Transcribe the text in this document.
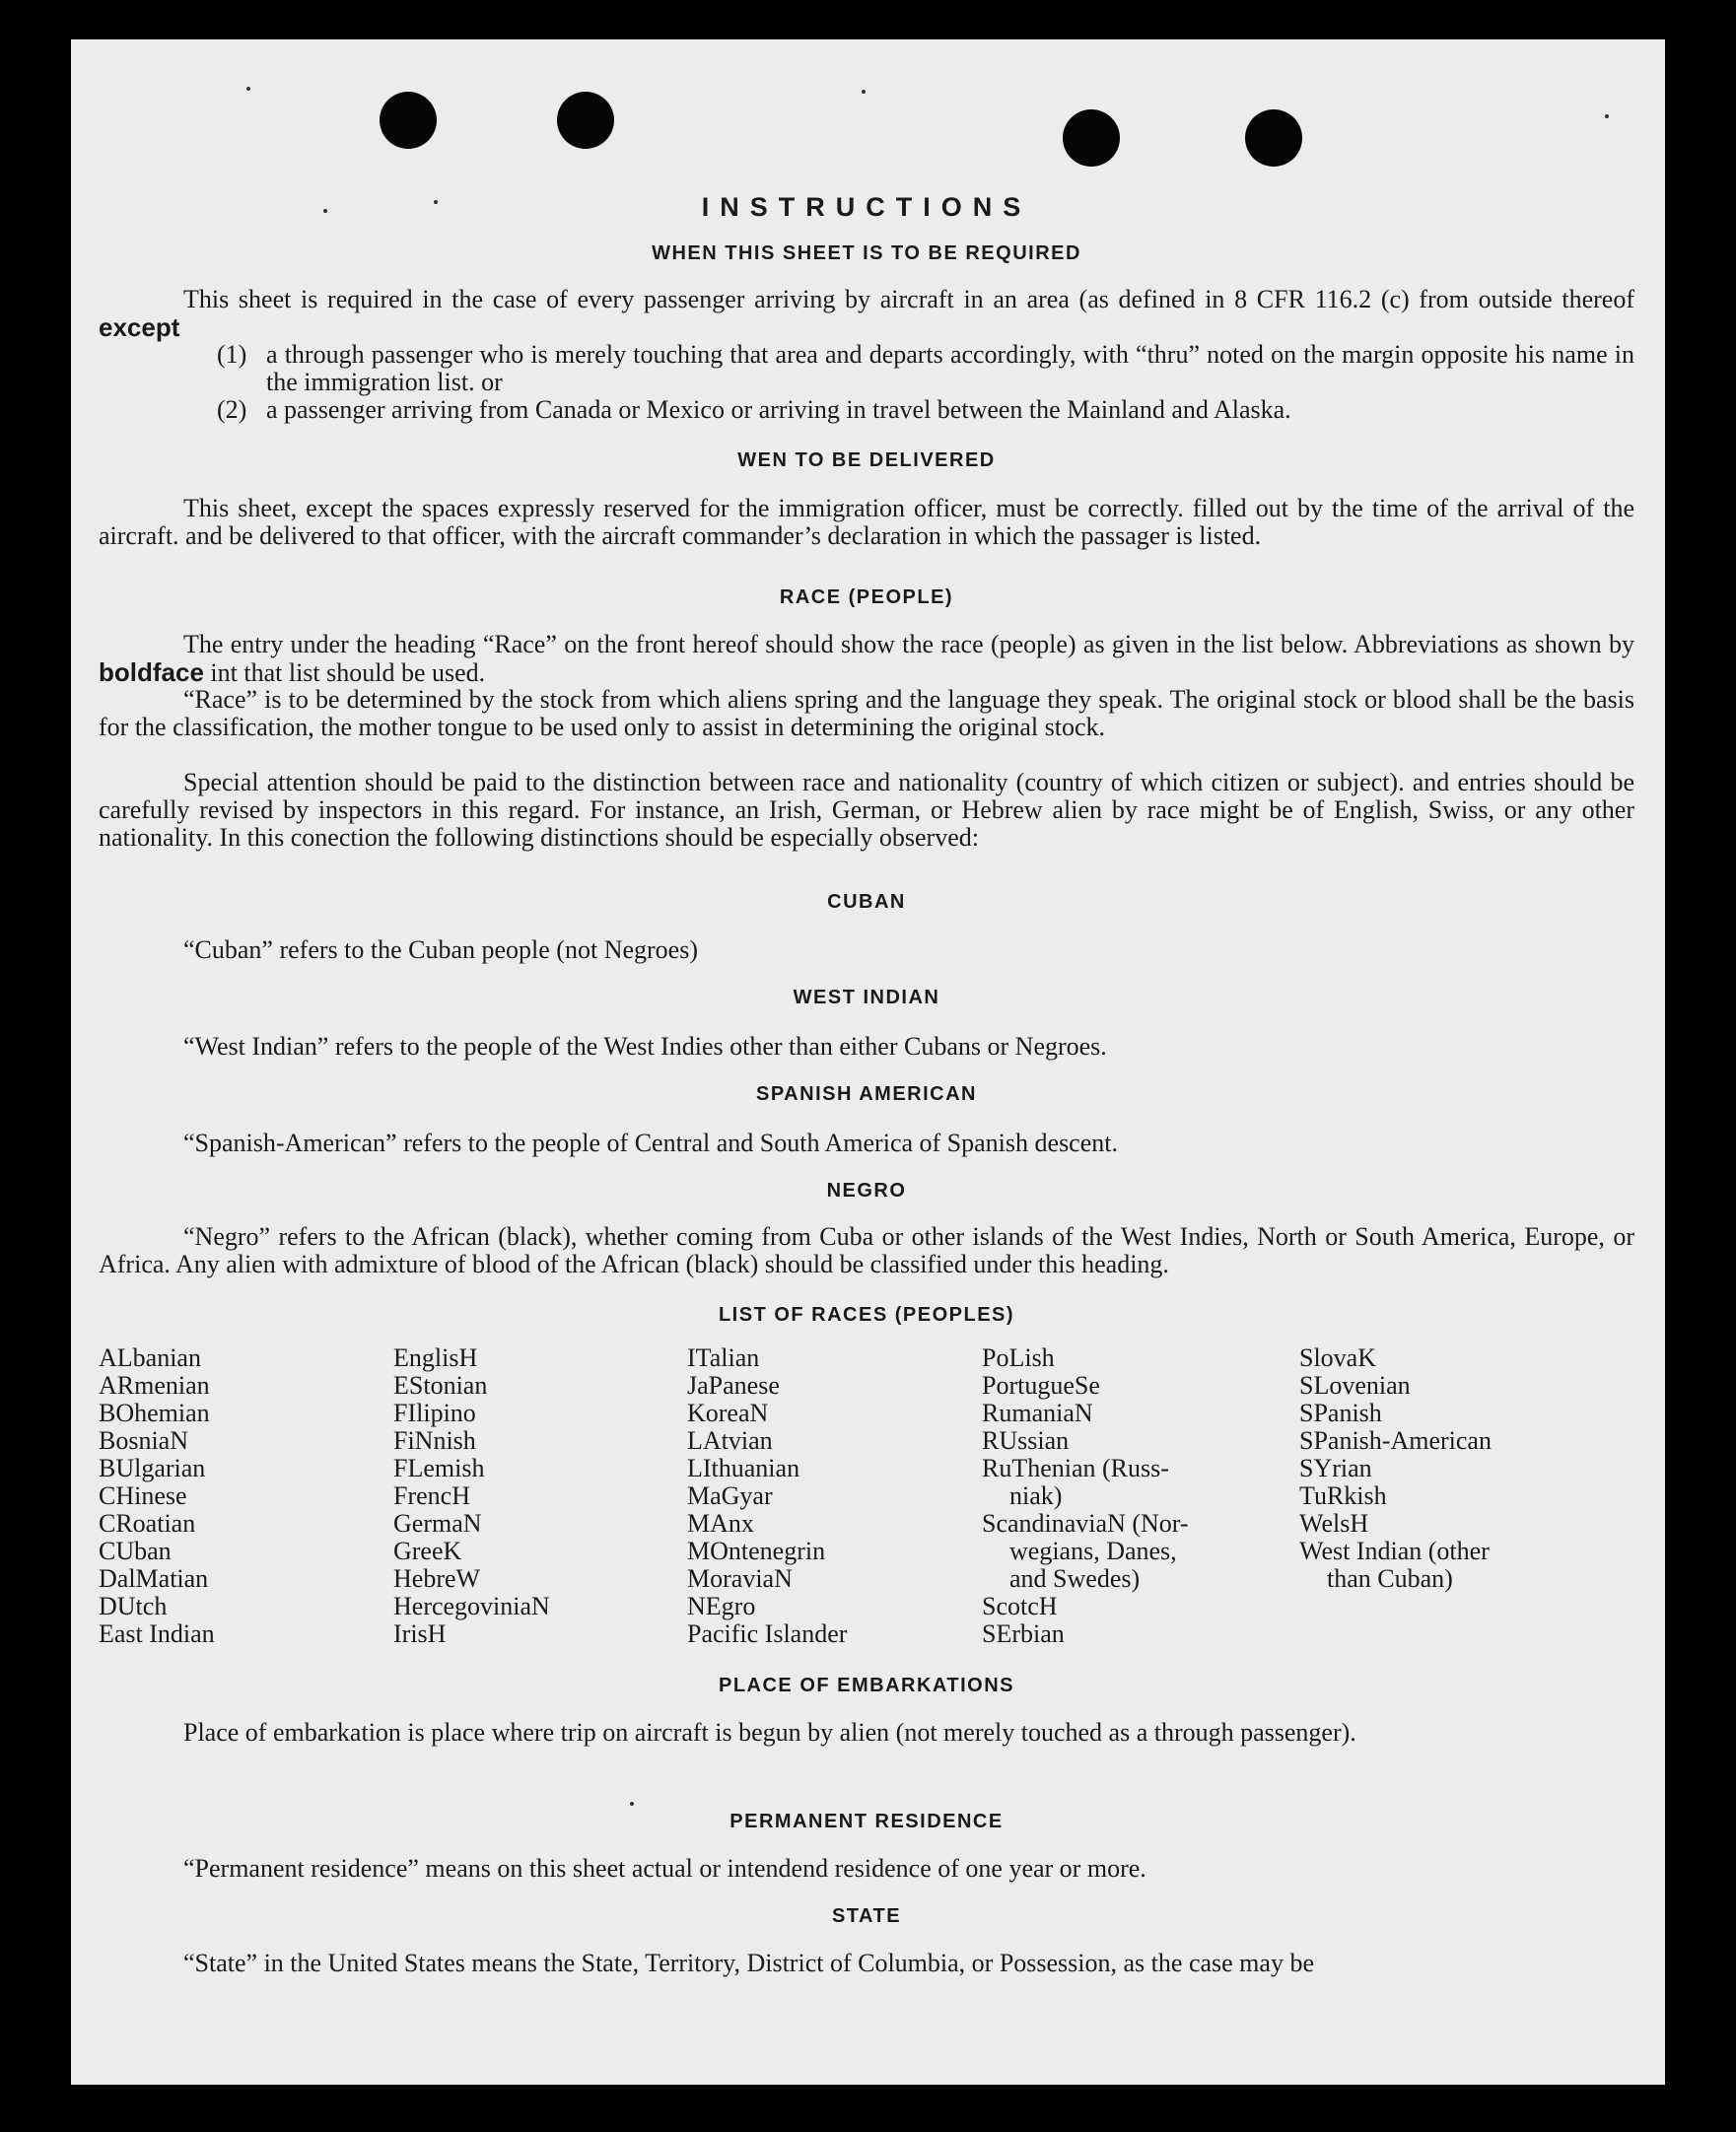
INSTRUCTIONS
WHEN THIS SHEET IS TO BE REQUIRED
This sheet is required in the case of every passenger arriving by aircraft in an area (as defined in 8 CFR 116.2 (c) from outside thereof except
(1) a through passenger who is merely touching that area and departs accordingly, with “thru” noted on the margin opposite his name in the immigration list. or
(2) a passenger arriving from Canada or Mexico or arriving in travel between the Mainland and Alaska.
WEN TO BE DELIVERED
This sheet, except the spaces expressly reserved for the immigration officer, must be correctly. filled out by the time of the arrival of the aircraft. and be delivered to that officer, with the aircraft commander’s declaration in which the passager is listed.
RACE (PEOPLE)
The entry under the heading “Race” on the front hereof should show the race (people) as given in the list below. Abbreviations as shown by boldface int that list should be used.
“Race” is to be determined by the stock from which aliens spring and the language they speak. The original stock or blood shall be the basis for the classification, the mother tongue to be used only to assist in determining the original stock.
Special attention should be paid to the distinction between race and nationality (country of which citizen or subject). and entries should be carefully revised by inspectors in this regard. For instance, an Irish, German, or Hebrew alien by race might be of English, Swiss, or any other nationality. In this conection the following distinctions should be especially observed:
CUBAN
“Cuban” refers to the Cuban people (not Negroes)
WEST INDIAN
“West Indian” refers to the people of the West Indies other than either Cubans or Negroes.
SPANISH AMERICAN
“Spanish-American” refers to the people of Central and South America of Spanish descent.
NEGRO
“Negro” refers to the African (black), whether coming from Cuba or other islands of the West Indies, North or South America, Europe, or Africa. Any alien with admixture of blood of the African (black) should be classified under this heading.
LIST OF RACES (PEOPLES)
ALbanian
ARmenian
BOhemian
BosniaN
BUlgarian
CHinese
CRoatian
CUban
DalMatian
DUtch
East Indian
EnglisH
EStonian
FIlipino
FiNnish
FLemish
FrencH
GermaN
GreeK
HebreW
HercegoviniaN
IrisH
ITalian
JaPanese
KoreaN
LAtvian
LIthuanian
MaGyar
MAnx
MOntenegrin
MoraviaN
NEgro
Pacific Islander
PoLish
PortugueSe
RumaniaN
RUssian
RuThenian (Russ-
niak)
ScandinaviaN (Nor-
wegians, Danes,
and Swedes)
ScotcH
SErbian
SlovaK
SLovenian
SPanish
SPanish-American
SYrian
TuRkish
WelsH
West Indian (other
than Cuban)
PLACE OF EMBARKATIONS
Place of embarkation is place where trip on aircraft is begun by alien (not merely touched as a through passenger).
PERMANENT RESIDENCE
“Permanent residence” means on this sheet actual or intendend residence of one year or more.
STATE
“State” in the United States means the State, Territory, District of Columbia, or Possession, as the case may be
